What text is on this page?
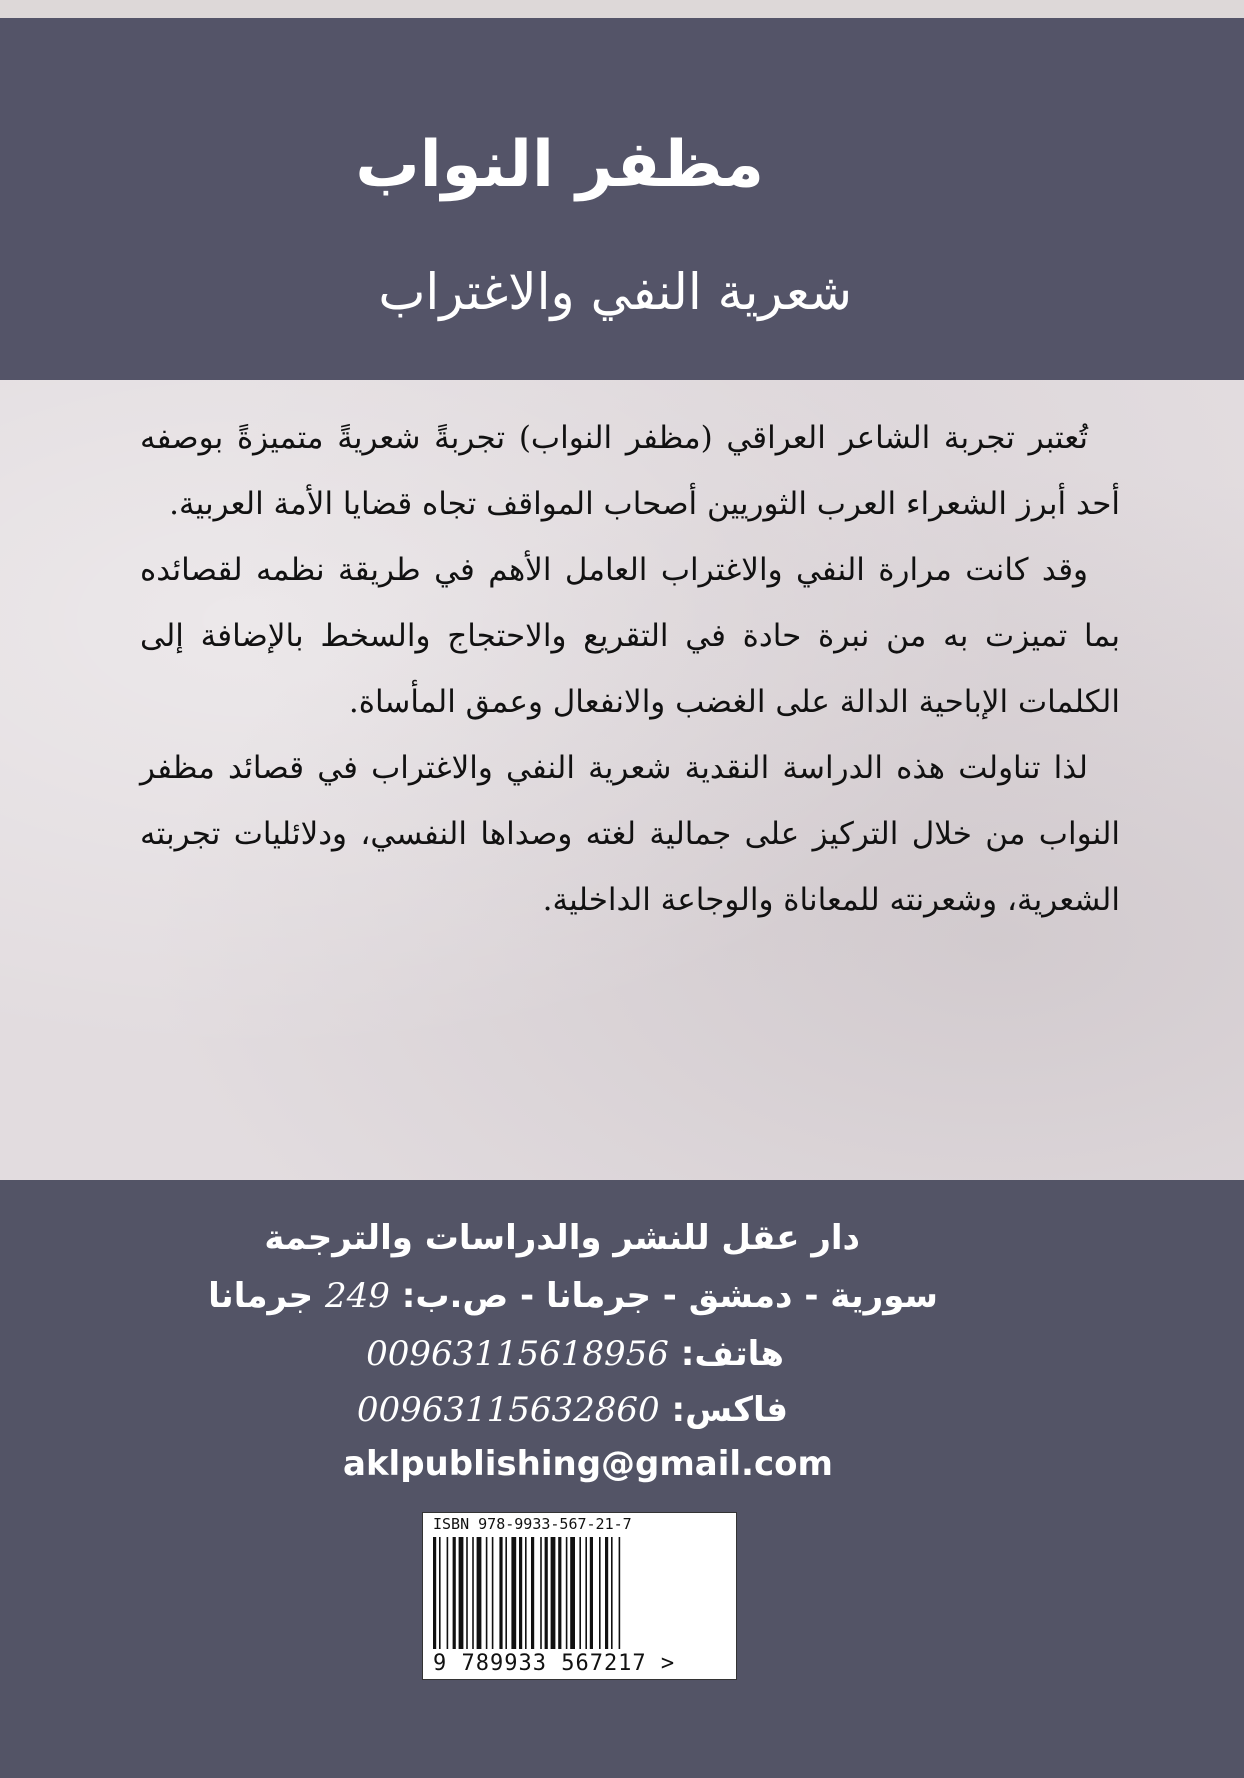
مظفر النواب
شعرية النفي والاغتراب

تُعتبر تجربة الشاعر العراقي (مظفر النواب) تجربةً شعريةً متميزةً بوصفه أحد أبرز الشعراء العرب الثوريين أصحاب المواقف تجاه قضايا الأمة العربية.

وقد كانت مرارة النفي والاغتراب العامل الأهم في طريقة نظمه لقصائده بما تميزت به من نبرة حادة في التقريع والاحتجاج والسخط بالإضافة إلى الكلمات الإباحية الدالة على الغضب والانفعال وعمق المأساة.

لذا تناولت هذه الدراسة النقدية شعرية النفي والاغتراب في قصائد مظفر النواب من خلال التركيز على جمالية لغته وصداها النفسي، ودلائليات تجربته الشعرية، وشعرنته للمعاناة والوجاعة الداخلية.

دار عقل للنشر والدراسات والترجمة
سورية - دمشق - جرمانا - ص.ب: 249 جرمانا
هاتف: 00963115618956
فاكس: 00963115632860
aklpublishing@gmail.com
ISBN 978-9933-567-21-7
9 789933 567217 >
